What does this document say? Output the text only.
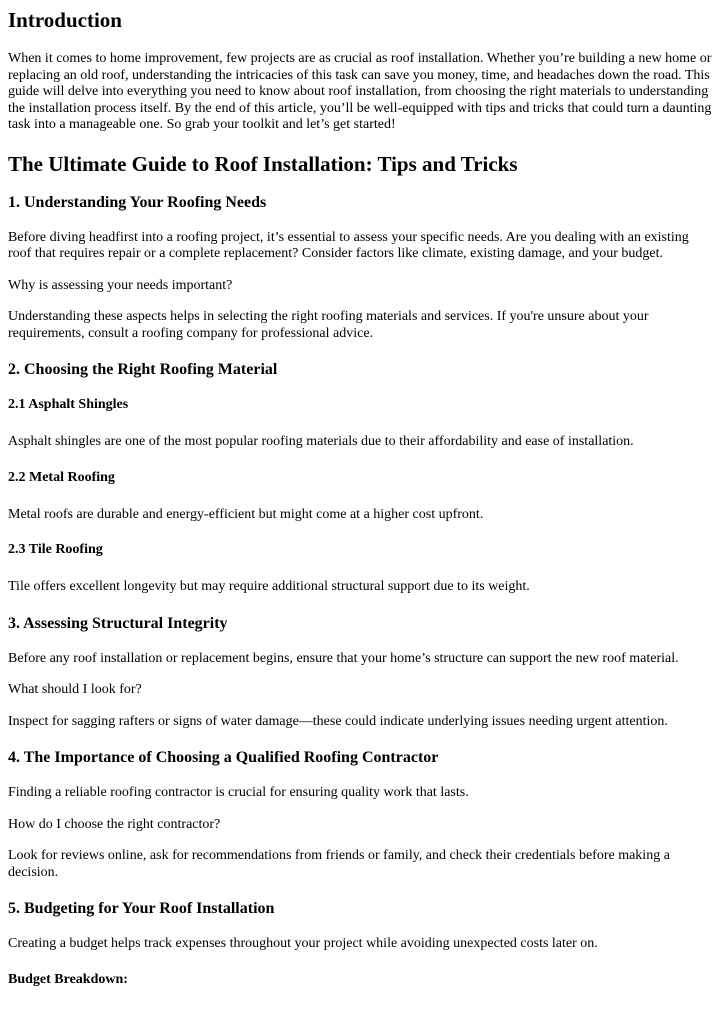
Introduction

When it comes to home improvement, few projects are as crucial as roof installation. Whether you’re building a new home or replacing an old roof, understanding the intricacies of this task can save you money, time, and headaches down the road. This guide will delve into everything you need to know about roof installation, from choosing the right materials to understanding the installation process itself. By the end of this article, you’ll be well-equipped with tips and tricks that could turn a daunting task into a manageable one. So grab your toolkit and let’s get started!

The Ultimate Guide to Roof Installation: Tips and Tricks
1. Understanding Your Roofing Needs

Before diving headfirst into a roofing project, it’s essential to assess your specific needs. Are you dealing with an existing roof that requires repair or a complete replacement? Consider factors like climate, existing damage, and your budget.

Why is assessing your needs important?

Understanding these aspects helps in selecting the right roofing materials and services. If you're unsure about your requirements, consult a roofing company for professional advice.

2. Choosing the Right Roofing Material
2.1 Asphalt Shingles

Asphalt shingles are one of the most popular roofing materials due to their affordability and ease of installation.

2.2 Metal Roofing

Metal roofs are durable and energy-efficient but might come at a higher cost upfront.

2.3 Tile Roofing

Tile offers excellent longevity but may require additional structural support due to its weight.

3. Assessing Structural Integrity

Before any roof installation or replacement begins, ensure that your home’s structure can support the new roof material.

What should I look for?

Inspect for sagging rafters or signs of water damage—these could indicate underlying issues needing urgent attention.

4. The Importance of Choosing a Qualified Roofing Contractor

Finding a reliable roofing contractor is crucial for ensuring quality work that lasts.

How do I choose the right contractor?

Look for reviews online, ask for recommendations from friends or family, and check their credentials before making a decision.

5. Budgeting for Your Roof Installation

Creating a budget helps track expenses throughout your project while avoiding unexpected costs later on.

Budget Breakdown:
